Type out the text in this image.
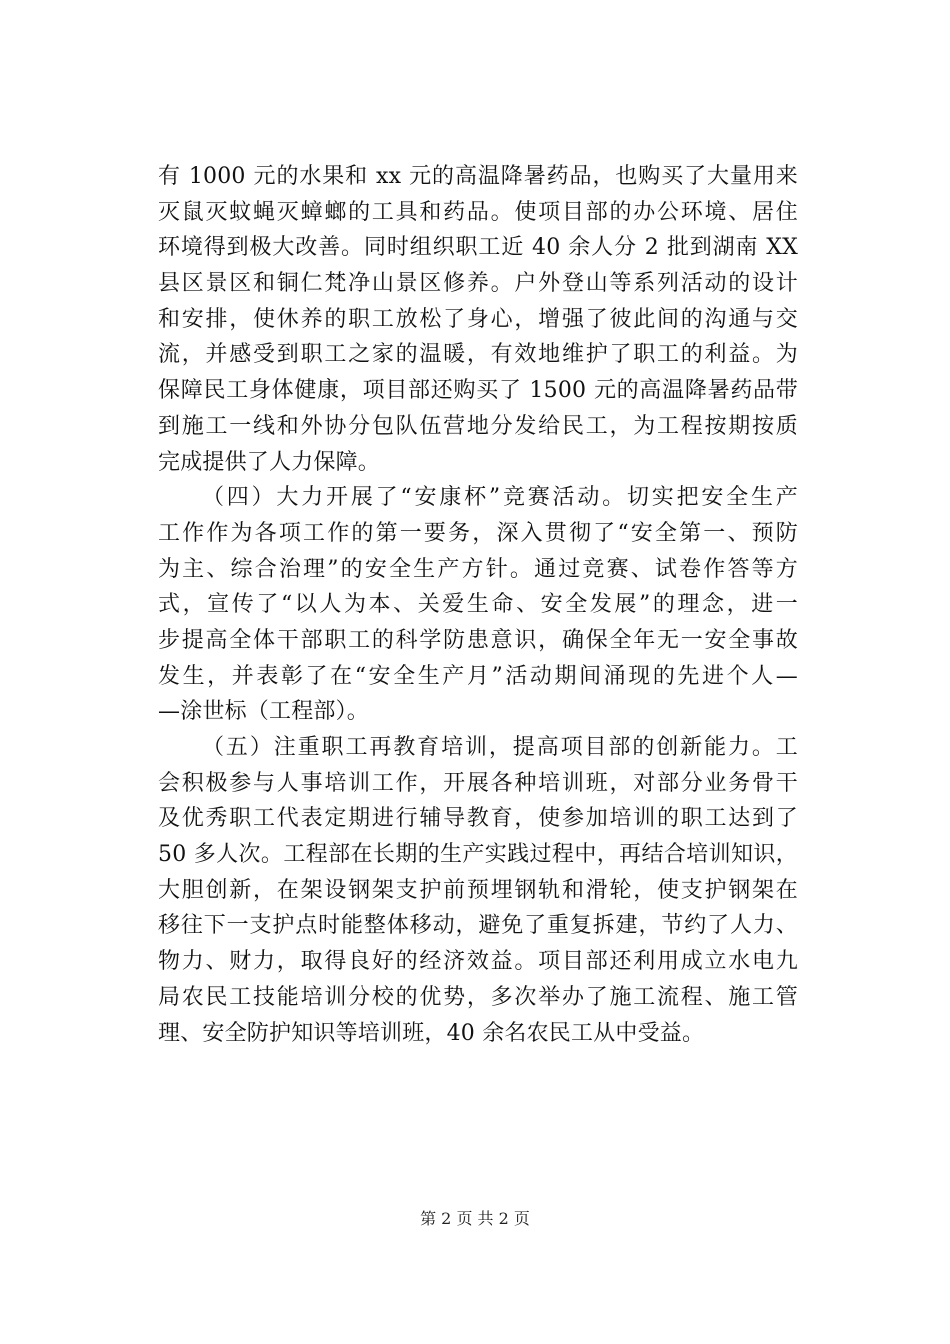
有 1000 元的水果和 xx 元的高温降暑药品，也购买了大量用来
灭鼠灭蚊蝇灭蟑螂的工具和药品。使项目部的办公环境、居住
环境得到极大改善。同时组织职工近 40 余人分 2 批到湖南 XX
县区景区和铜仁梵净山景区修养。户外登山等系列活动的设计
和安排，使休养的职工放松了身心，增强了彼此间的沟通与交
流，并感受到职工之家的温暖，有效地维护了职工的利益。为
保障民工身体健康，项目部还购买了 1500 元的高温降暑药品带
到施工一线和外协分包队伍营地分发给民工，为工程按期按质
完成提供了人力保障。
（四）大力开展了“安康杯”竞赛活动。切实把安全生产
工作作为各项工作的第一要务，深入贯彻了“安全第一、预防
为主、综合治理”的安全生产方针。通过竞赛、试卷作答等方
式，宣传了“以人为本、关爱生命、安全发展”的理念，进一
步提高全体干部职工的科学防患意识，确保全年无一安全事故
发生，并表彰了在“安全生产月”活动期间涌现的先进个人—
—涂世标（工程部）。
（五）注重职工再教育培训，提高项目部的创新能力。工
会积极参与人事培训工作，开展各种培训班，对部分业务骨干
及优秀职工代表定期进行辅导教育，使参加培训的职工达到了
50 多人次。工程部在长期的生产实践过程中，再结合培训知识，
大胆创新，在架设钢架支护前预埋钢轨和滑轮，使支护钢架在
移往下一支护点时能整体移动，避免了重复拆建，节约了人力、
物力、财力，取得良好的经济效益。项目部还利用成立水电九
局农民工技能培训分校的优势，多次举办了施工流程、施工管
理、安全防护知识等培训班，40 余名农民工从中受益。
第 2 页 共 2 页
